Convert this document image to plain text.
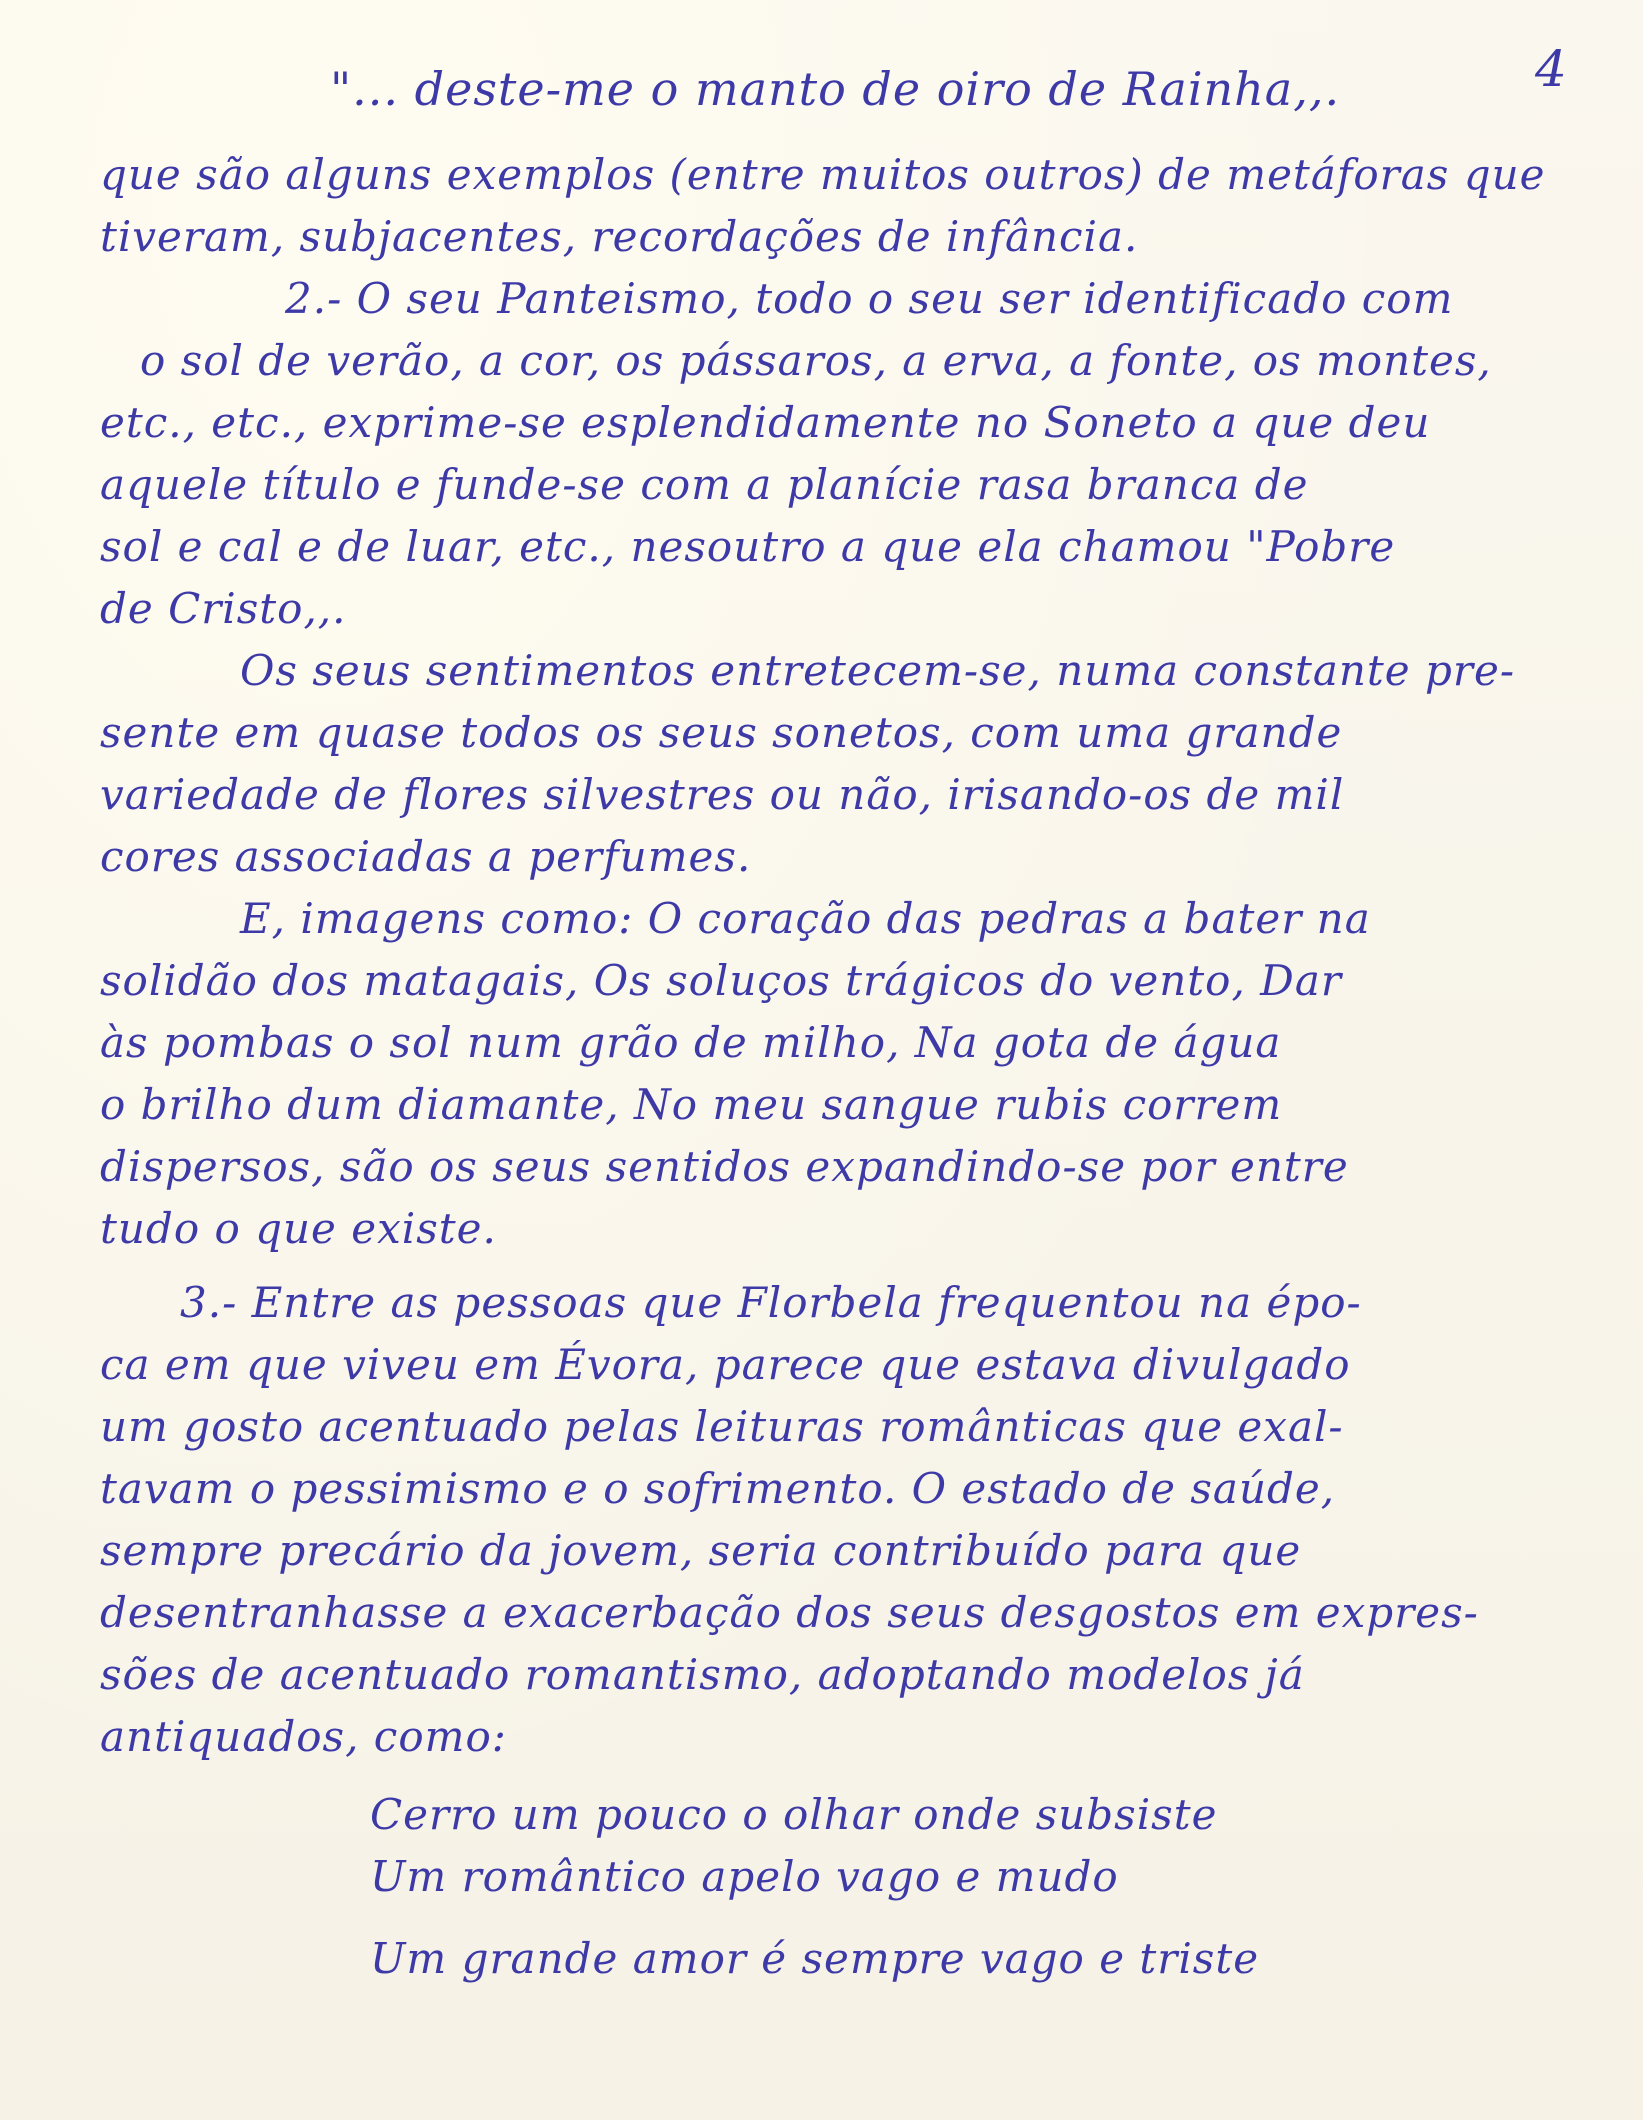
4
"... deste-me o manto de oiro de Rainha,,.
que são alguns exemplos (entre muitos outros) de metáforas que
tiveram, subjacentes, recordações de infância.
2.- O seu Panteismo, todo o seu ser identificado com
o sol de verão, a cor, os pássaros, a erva, a fonte, os montes,
etc., etc., exprime-se esplendidamente no Soneto a que deu
aquele título e funde-se com a planície rasa branca de
sol e cal e de luar, etc., nesoutro a que ela chamou "Pobre
de Cristo,,.
Os seus sentimentos entretecem-se, numa constante pre-
sente em quase todos os seus sonetos, com uma grande
variedade de flores silvestres ou não, irisando-os de mil
cores associadas a perfumes.
E, imagens como: O coração das pedras a bater na
solidão dos matagais, Os soluços trágicos do vento, Dar
às pombas o sol num grão de milho, Na gota de água
o brilho dum diamante, No meu sangue rubis correm
dispersos, são os seus sentidos expandindo-se por entre
tudo o que existe.
3.- Entre as pessoas que Florbela frequentou na épo-
ca em que viveu em Évora, parece que estava divulgado
um gosto acentuado pelas leituras românticas que exal-
tavam o pessimismo e o sofrimento. O estado de saúde,
sempre precário da jovem, seria contribuído para que
desentranhasse a exacerbação dos seus desgostos em expres-
sões de acentuado romantismo, adoptando modelos já
antiquados, como:
Cerro um pouco o olhar onde subsiste
Um romântico apelo vago e mudo
Um grande amor é sempre vago e triste
